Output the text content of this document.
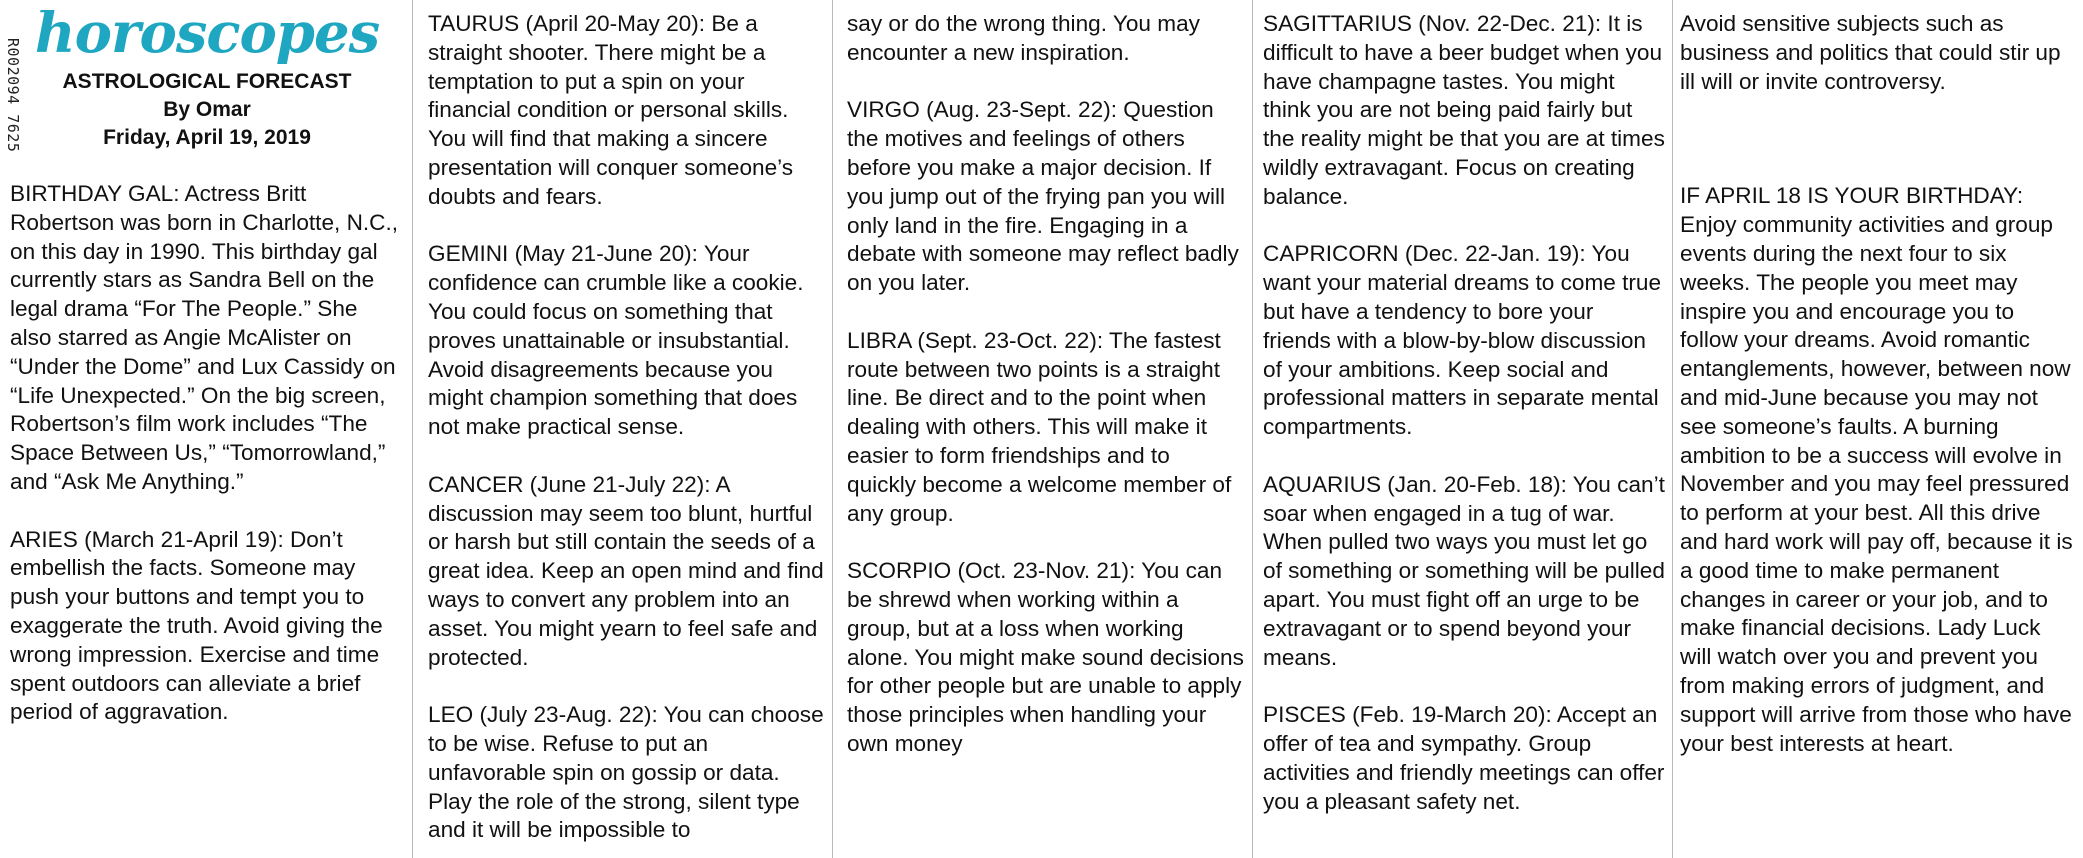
R002094 7625
horoscopes
ASTROLOGICAL FORECAST
By Omar
Friday, April 19, 2019

BIRTHDAY GAL: Actress Britt Robertson was born in Charlotte, N.C., on this day in 1990. This birthday gal currently stars as Sandra Bell on the legal drama “For The People.” She also starred as Angie McAlister on “Under the Dome” and Lux Cassidy on “Life Unexpected.” On the big screen, Robertson’s film work includes “The Space Between Us,” “Tomorrowland,” and “Ask Me Anything.”

ARIES (March 21-April 19): Don’t embellish the facts. Someone may push your buttons and tempt you to exaggerate the truth. Avoid giving the wrong impression. Exercise and time spent outdoors can alleviate a brief period of aggravation.

TAURUS (April 20-May 20): Be a straight shooter. There might be a temptation to put a spin on your financial condition or personal skills. You will find that making a sincere presentation will conquer someone’s doubts and fears.

GEMINI (May 21-June 20): Your confidence can crumble like a cookie. You could focus on something that proves unattainable or insubstantial. Avoid disagreements because you might champion something that does not make practical sense.

CANCER (June 21-July 22): A discussion may seem too blunt, hurtful or harsh but still contain the seeds of a great idea. Keep an open mind and find ways to convert any problem into an asset. You might yearn to feel safe and protected.

LEO (July 23-Aug. 22): You can choose to be wise. Refuse to put an unfavorable spin on gossip or data. Play the role of the strong, silent type and it will be impossible to

say or do the wrong thing. You may encounter a new inspiration.

VIRGO (Aug. 23-Sept. 22): Question the motives and feelings of others before you make a major decision. If you jump out of the frying pan you will only land in the fire. Engaging in a debate with someone may reflect badly on you later.

LIBRA (Sept. 23-Oct. 22): The fastest route between two points is a straight line. Be direct and to the point when dealing with others. This will make it easier to form friendships and to quickly become a welcome member of any group.

SCORPIO (Oct. 23-Nov. 21): You can be shrewd when working within a group, but at a loss when working alone. You might make sound decisions for other people but are unable to apply those principles when handling your own money

SAGITTARIUS (Nov. 22-Dec. 21): It is difficult to have a beer budget when you have champagne tastes. You might think you are not being paid fairly but the reality might be that you are at times wildly extravagant. Focus on creating balance.

CAPRICORN (Dec. 22-Jan. 19): You want your material dreams to come true but have a tendency to bore your friends with a blow-by-blow discussion of your ambitions. Keep social and professional matters in separate mental compartments.

AQUARIUS (Jan. 20-Feb. 18): You can’t soar when engaged in a tug of war. When pulled two ways you must let go of something or something will be pulled apart. You must fight off an urge to be extravagant or to spend beyond your means.

PISCES (Feb. 19-March 20): Accept an offer of tea and sympathy. Group activities and friendly meetings can offer you a pleasant safety net.

Avoid sensitive subjects such as business and politics that could stir up ill will or invite controversy.

IF APRIL 18 IS YOUR BIRTHDAY: Enjoy community activities and group events during the next four to six weeks. The people you meet may inspire you and encourage you to follow your dreams. Avoid romantic entanglements, however, between now and mid-June because you may not see someone’s faults. A burning ambition to be a success will evolve in November and you may feel pressured to perform at your best. All this drive and hard work will pay off, because it is a good time to make permanent changes in career or your job, and to make financial decisions. Lady Luck will watch over you and prevent you from making errors of judgment, and support will arrive from those who have your best interests at heart.
